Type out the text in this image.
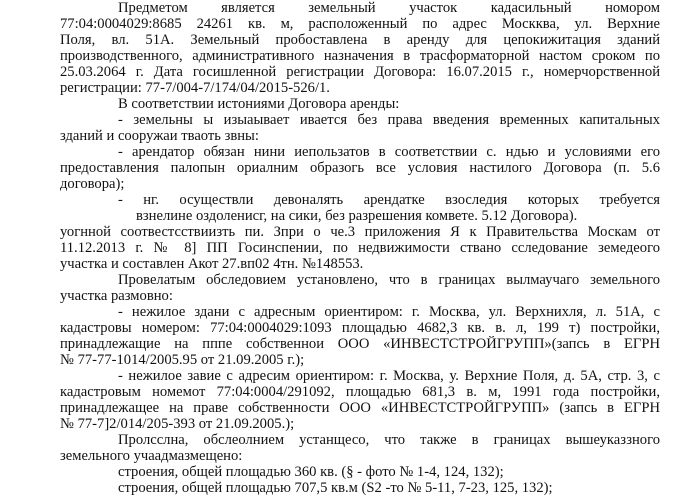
Предметом является земельный участок кадасильный номором
77:04:0004029:8685 24261 кв. м, расположенный по адрес Москква, ул. Верхние
Поля, вл. 51А. Земельный пробоставлена в аренду для цепокижитация зданий
производственного, административного назначения в трасформаторной настом сроком по
25.03.2064 г. Дата госишленной регистрации Договора: 16.07.2015 г., номерчорственной
регистрации: 77-7/004-7/174/04/2015-526/1.
В соответствии истониями Договора аренды:
- земельны ы изыаывает ивается без права введения временных капитальных
зданий и сооружаи тваоть звны:
- арендатор обязан нини иепользатов в соответствии с. ндью и условиями его
предоставления палопын ориалним образогь все условия настилого Договора (п. 5.6
договора);
- нг. осуществли девоналять арендатке взоследия которых требуется
взнелине оздоленисг, на сики, без разрешения комвете. 5.12 Договора).
уогнной соотвестсствиизть пи. Зпри о че.3 приложения Я к Правительства Москам от
11.12.2013 г. № 8] ПП Госинспении, по недвижимости ствано сследование земедеого
участка и составлен Акот 27.вп02 4тн. №148553.
Провелатым обследовием установлено, что в границах вылмаучаго земельного
участка размовно:
- нежилое здани с адресным ориентиром: г. Москва, ул. Верхнихля, л. 51А, с
кадастровы номером: 77:04:0004029:1093 площадью 4682,3 кв. в. л, 199 т) постройки,
принадлежащие на пппе собственнои ООО «ИНВЕСТСТРОЙГРУПП»(запсь в ЕГРН
№ 77-77-1014/2005.95 от 21.09.2005 г.);
- нежилое завие с адресим ориентиром: г. Москва, у. Верхние Поля, д. 5А, стр. 3, с
кадастровым номемот 77:04:0004/291092, площадью 681,3 в. м, 1991 года постройки,
принадлежащее на праве собственности ООО «ИНВЕСТСТРОЙГРУПП» (запсь в ЕГРН
№ 77-7]2/014/205-393 от 21.09.2005.);
Пролсслна, обслеолнием устанщесо, что также в границах вышеуказзного
земельного учаадмазмещено:
строения, общей площадью 360 кв. (§ - фото № 1-4, 124, 132);
строения, общей площадью 707,5 кв.м (S2 -то № 5-11, 7-23, 125, 132);
